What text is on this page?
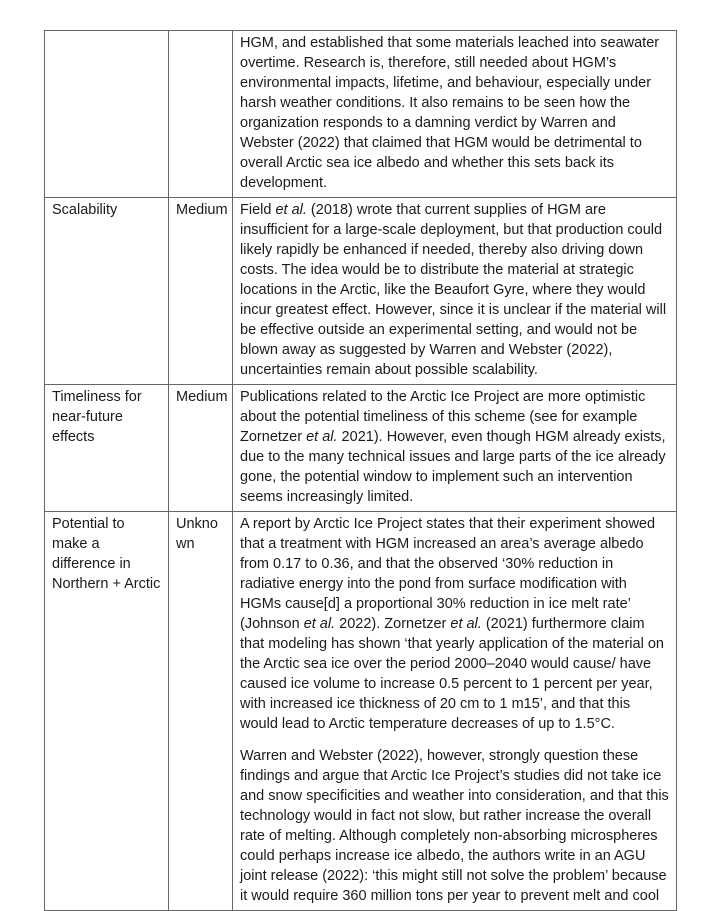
		HGM, and established that some materials leached into seawater overtime. Research is, therefore, still needed about HGM’s environmental impacts, lifetime, and behaviour, especially under harsh weather conditions. It also remains to be seen how the organization responds to a damning verdict by Warren and Webster (2022) that claimed that HGM would be detrimental to overall Arctic sea ice albedo and whether this sets back its development.

Scalability	Medium	Field et al. (2018) wrote that current supplies of HGM are insufficient for a large-scale deployment, but that production could likely rapidly be enhanced if needed, thereby also driving down costs. The idea would be to distribute the material at strategic locations in the Arctic, like the Beaufort Gyre, where they would incur greatest effect. However, since it is unclear if the material will be effective outside an experimental setting, and would not be blown away as suggested by Warren and Webster (2022), uncertainties remain about possible scalability.

Timeliness for near-future effects	Medium	Publications related to the Arctic Ice Project are more optimistic about the potential timeliness of this scheme (see for example Zornetzer et al. 2021). However, even though HGM already exists, due to the many technical issues and large parts of the ice already gone, the potential window to implement such an intervention seems increasingly limited.

Potential to make a difference in Northern + Arctic	Unknown	A report by Arctic Ice Project states that their experiment showed that a treatment with HGM increased an area’s average albedo from 0.17 to 0.36, and that the observed ‘30% reduction in radiative energy into the pond from surface modification with HGMs cause[d] a proportional 30% reduction in ice melt rate’ (Johnson et al. 2022). Zornetzer et al. (2021) furthermore claim that modeling has shown ‘that yearly application of the material on the Arctic sea ice over the period 2000–2040 would cause/ have caused ice volume to increase 0.5 percent to 1 percent per year, with increased ice thickness of 20 cm to 1 m15’, and that this would lead to Arctic temperature decreases of up to 1.5°C.

Warren and Webster (2022), however, strongly question these findings and argue that Arctic Ice Project’s studies did not take ice and snow specificities and weather into consideration, and that this technology would in fact not slow, but rather increase the overall rate of melting. Although completely non-absorbing microspheres could perhaps increase ice albedo, the authors write in an AGU joint release (2022): ‘this might still not solve the problem’ because it would require 360 million tons per year to prevent melt and cool
